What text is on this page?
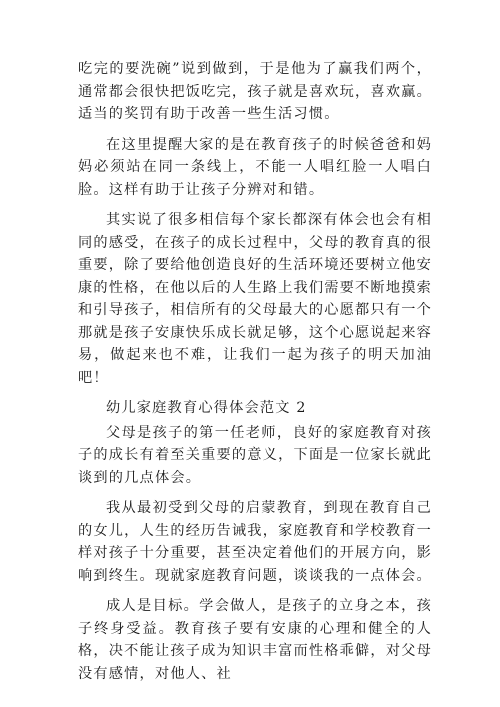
吃完的要洗碗”说到做到，于是他为了赢我们两个，通常都会很快把饭吃完，孩子就是喜欢玩，喜欢赢。适当的奖罚有助于改善一些生活习惯。

在这里提醒大家的是在教育孩子的时候爸爸和妈妈必须站在同一条线上，不能一人唱红脸一人唱白脸。这样有助于让孩子分辨对和错。

其实说了很多相信每个家长都深有体会也会有相同的感受，在孩子的成长过程中，父母的教育真的很重要，除了要给他创造良好的生活环境还要树立他安康的性格，在他以后的人生路上我们需要不断地摸索和引导孩子，相信所有的父母最大的心愿都只有一个那就是孩子安康快乐成长就足够，这个心愿说起来容易，做起来也不难，让我们一起为孩子的明天加油吧！

幼儿家庭教育心得体会范文 2

父母是孩子的第一任老师，良好的家庭教育对孩子的成长有着至关重要的意义，下面是一位家长就此谈到的几点体会。

我从最初受到父母的启蒙教育，到现在教育自己的女儿，人生的经历告诫我，家庭教育和学校教育一样对孩子十分重要，甚至决定着他们的开展方向，影响到终生。现就家庭教育问题，谈谈我的一点体会。

成人是目标。学会做人，是孩子的立身之本，孩子终身受益。教育孩子要有安康的心理和健全的人格，决不能让孩子成为知识丰富而性格乖僻，对父母没有感情，对他人、社
